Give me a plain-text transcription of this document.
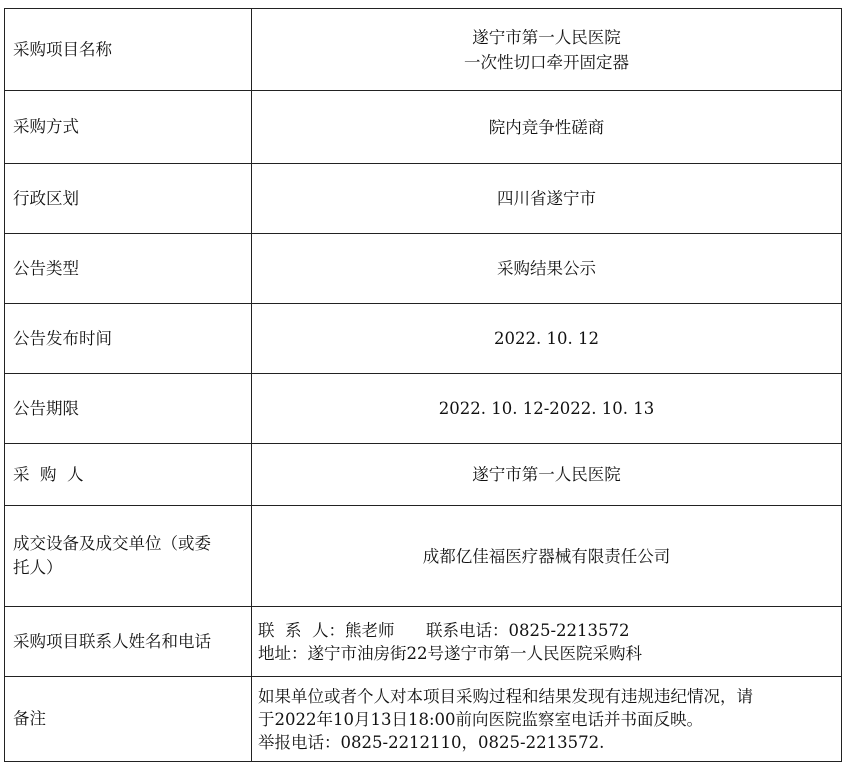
采购项目名称	遂宁市第一人民医院
一次性切口牵开固定器

采购方式	院内竞争性磋商
行政区划	四川省遂宁市
公告类型	采购结果公示
公告发布时间	2022. 10. 12
公告期限	2022. 10. 12-2022. 10. 13
采  购  人	遂宁市第一人民医院

成交设备及成交单位（或委
托人）	成都亿佳福医疗器械有限责任公司
采购项目联系人姓名和电话	联  系  人：熊老师      联系电话：0825-2213572
地址：遂宁市油房街22号遂宁市第一人民医院采购科

备注	如果单位或者个人对本项目采购过程和结果发现有违规违纪情况，请
于2022年10月13日18:00前向医院监察室电话并书面反映。
举报电话：0825-2212110，0825-2213572.
